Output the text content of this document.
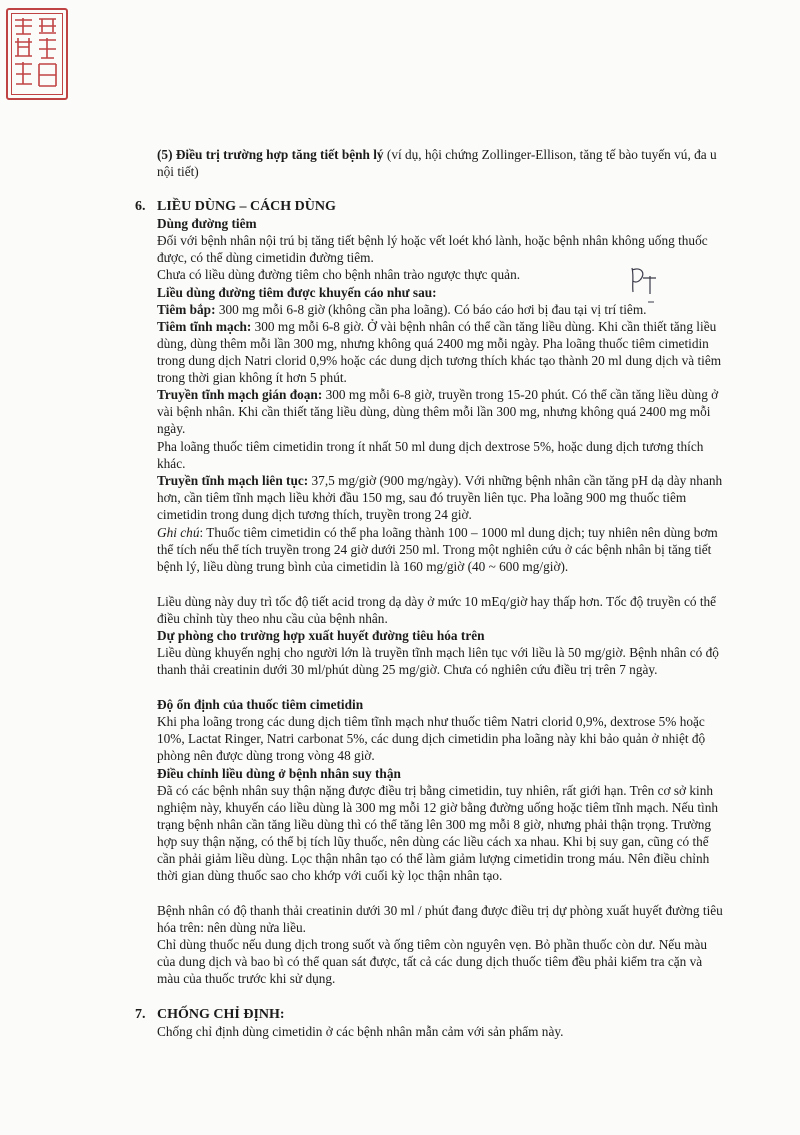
(5) Điều trị trường hợp tăng tiết bệnh lý (ví dụ, hội chứng Zollinger-Ellison, tăng tế bào tuyến vú, đa u nội tiết)

6. LIỀU DÙNG – CÁCH DÙNG

Dùng đường tiêm

Đối với bệnh nhân nội trú bị tăng tiết bệnh lý hoặc vết loét khó lành, hoặc bệnh nhân không uống thuốc được, có thể dùng cimetidin đường tiêm.

Chưa có liều dùng đường tiêm cho bệnh nhân trào ngược thực quản.

Liều dùng đường tiêm được khuyến cáo như sau:

Tiêm bắp: 300 mg mỗi 6-8 giờ (không cần pha loãng). Có báo cáo hơi bị đau tại vị trí tiêm.

Tiêm tĩnh mạch: 300 mg mỗi 6-8 giờ. Ở vài bệnh nhân có thể cần tăng liều dùng. Khi cần thiết tăng liều dùng, dùng thêm mỗi lần 300 mg, nhưng không quá 2400 mg mỗi ngày. Pha loãng thuốc tiêm cimetidin trong dung dịch Natri clorid 0,9% hoặc các dung dịch tương thích khác tạo thành 20 ml dung dịch và tiêm trong thời gian không ít hơn 5 phút.

Truyền tĩnh mạch gián đoạn: 300 mg mỗi 6-8 giờ, truyền trong 15-20 phút. Có thể cần tăng liều dùng ở vài bệnh nhân. Khi cần thiết tăng liều dùng, dùng thêm mỗi lần 300 mg, nhưng không quá 2400 mg mỗi ngày.

Pha loãng thuốc tiêm cimetidin trong ít nhất 50 ml dung dịch dextrose 5%, hoặc dung dịch tương thích khác.

Truyền tĩnh mạch liên tục: 37,5 mg/giờ (900 mg/ngày). Với những bệnh nhân cần tăng pH dạ dày nhanh hơn, cần tiêm tĩnh mạch liều khởi đầu 150 mg, sau đó truyền liên tục. Pha loãng 900 mg thuốc tiêm cimetidin trong dung dịch tương thích, truyền trong 24 giờ.

Ghi chú: Thuốc tiêm cimetidin có thể pha loãng thành 100 – 1000 ml dung dịch; tuy nhiên nên dùng bơm thể tích nếu thể tích truyền trong 24 giờ dưới 250 ml. Trong một nghiên cứu ở các bệnh nhân bị tăng tiết bệnh lý, liều dùng trung bình của cimetidin là 160 mg/giờ (40 ~ 600 mg/giờ).

Liều dùng này duy trì tốc độ tiết acid trong dạ dày ở mức 10 mEq/giờ hay thấp hơn. Tốc độ truyền có thể điều chỉnh tùy theo nhu cầu của bệnh nhân.

Dự phòng cho trường hợp xuất huyết đường tiêu hóa trên

Liều dùng khuyến nghị cho người lớn là truyền tĩnh mạch liên tục với liều là 50 mg/giờ. Bệnh nhân có độ thanh thải creatinin dưới 30 ml/phút dùng 25 mg/giờ. Chưa có nghiên cứu điều trị trên 7 ngày.

Độ ổn định của thuốc tiêm cimetidin

Khi pha loãng trong các dung dịch tiêm tĩnh mạch như thuốc tiêm Natri clorid 0,9%, dextrose 5% hoặc 10%, Lactat Ringer, Natri carbonat 5%, các dung dịch cimetidin pha loãng này khi bảo quản ở nhiệt độ phòng nên được dùng trong vòng 48 giờ.

Điều chỉnh liều dùng ở bệnh nhân suy thận

Đã có các bệnh nhân suy thận nặng được điều trị bằng cimetidin, tuy nhiên, rất giới hạn. Trên cơ sở kinh nghiệm này, khuyến cáo liều dùng là 300 mg mỗi 12 giờ bằng đường uống hoặc tiêm tĩnh mạch. Nếu tình trạng bệnh nhân cần tăng liều dùng thì có thể tăng lên 300 mg mỗi 8 giờ, nhưng phải thận trọng. Trường hợp suy thận nặng, có thể bị tích lũy thuốc, nên dùng các liều cách xa nhau. Khi bị suy gan, cũng có thể cần phải giảm liều dùng. Lọc thận nhân tạo có thể làm giảm lượng cimetidin trong máu. Nên điều chỉnh thời gian dùng thuốc sao cho khớp với cuối kỳ lọc thận nhân tạo.

Bệnh nhân có độ thanh thải creatinin dưới 30 ml / phút đang được điều trị dự phòng xuất huyết đường tiêu hóa trên: nên dùng nửa liều.

Chỉ dùng thuốc nếu dung dịch trong suốt và ống tiêm còn nguyên vẹn. Bỏ phần thuốc còn dư. Nếu màu của dung dịch và bao bì có thể quan sát được, tất cả các dung dịch thuốc tiêm đều phải kiểm tra cặn và màu của thuốc trước khi sử dụng.

7. CHỐNG CHỈ ĐỊNH:

Chống chỉ định dùng cimetidin ở các bệnh nhân mẫn cảm với sản phẩm này.
